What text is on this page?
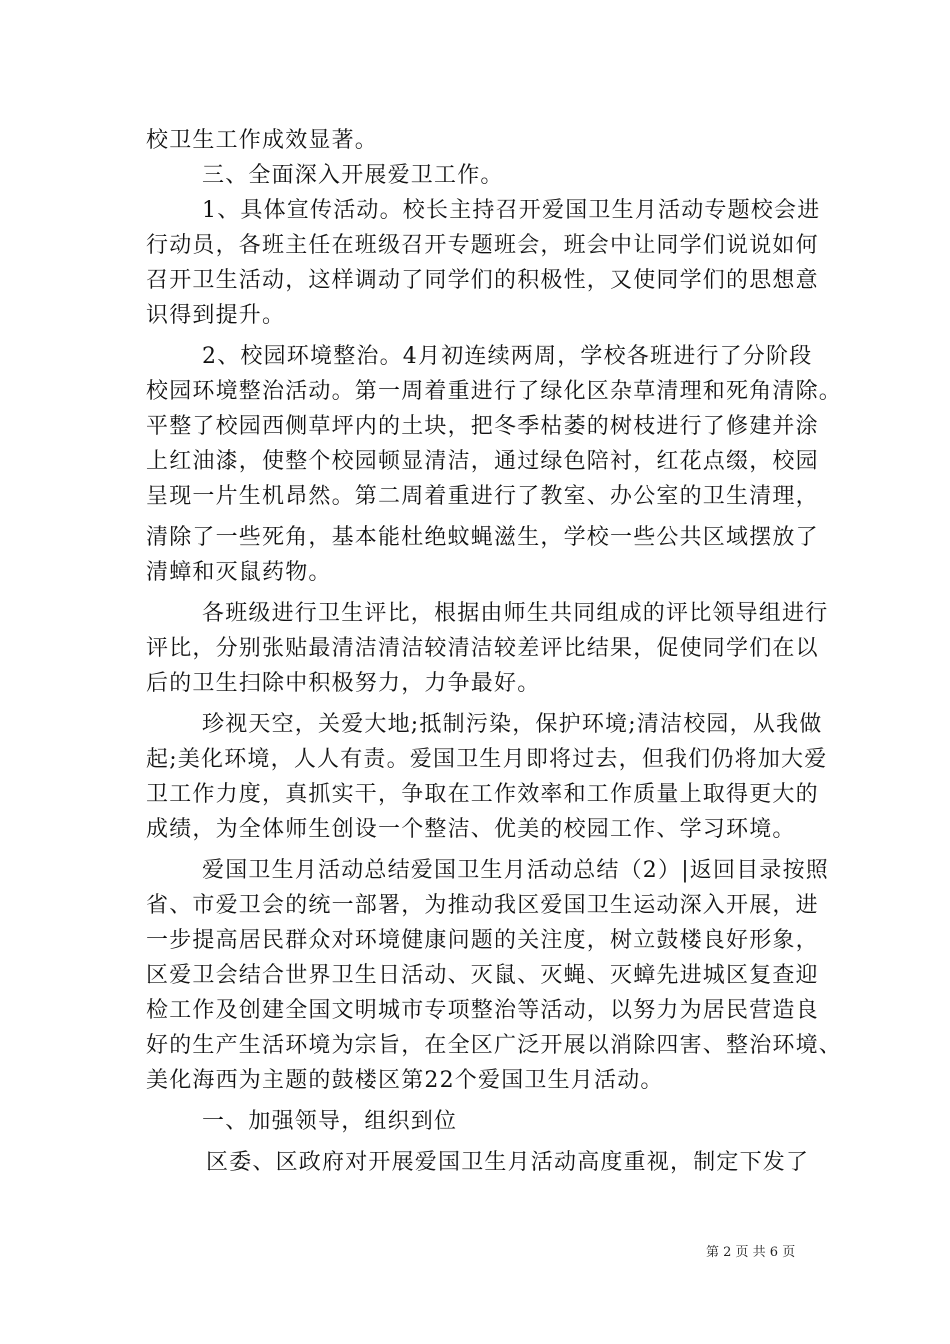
校卫生工作成效显著。
三、全面深入开展爱卫工作。
1、具体宣传活动。校长主持召开爱国卫生月活动专题校会进
行动员，各班主任在班级召开专题班会，班会中让同学们说说如何
召开卫生活动，这样调动了同学们的积极性，又使同学们的思想意
识得到提升。
2、校园环境整治。4月初连续两周，学校各班进行了分阶段
校园环境整治活动。第一周着重进行了绿化区杂草清理和死角清除。
平整了校园西侧草坪内的土块，把冬季枯萎的树枝进行了修建并涂
上红油漆，使整个校园顿显清洁，通过绿色陪衬，红花点缀，校园
呈现一片生机昂然。第二周着重进行了教室、办公室的卫生清理，
清除了一些死角，基本能杜绝蚊蝇滋生，学校一些公共区域摆放了
清蟑和灭鼠药物。
各班级进行卫生评比，根据由师生共同组成的评比领导组进行
评比，分别张贴最清洁清洁较清洁较差评比结果，促使同学们在以
后的卫生扫除中积极努力，力争最好。
珍视天空，关爱大地;抵制污染，保护环境;清洁校园，从我做
起;美化环境，人人有责。爱国卫生月即将过去，但我们仍将加大爱
卫工作力度，真抓实干，争取在工作效率和工作质量上取得更大的
成绩，为全体师生创设一个整洁、优美的校园工作、学习环境。
爱国卫生月活动总结爱国卫生月活动总结（2）|返回目录按照
省、市爱卫会的统一部署，为推动我区爱国卫生运动深入开展，进
一步提高居民群众对环境健康问题的关注度，树立鼓楼良好形象，
区爱卫会结合世界卫生日活动、灭鼠、灭蝇、灭蟑先进城区复查迎
检工作及创建全国文明城市专项整治等活动，以努力为居民营造良
好的生产生活环境为宗旨，在全区广泛开展以消除四害、整治环境、
美化海西为主题的鼓楼区第22个爱国卫生月活动。
一、加强领导，组织到位
区委、区政府对开展爱国卫生月活动高度重视，制定下发了
第 2 页 共 6 页
